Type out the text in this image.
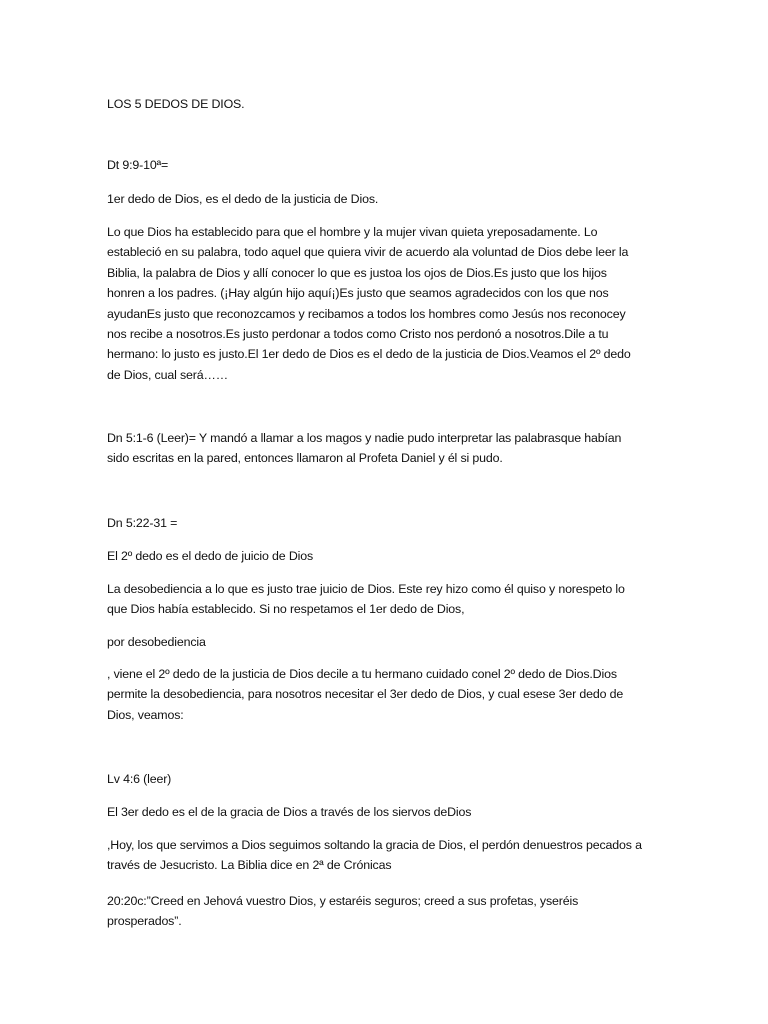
LOS 5 DEDOS DE DIOS.

Dt 9:9-10ª=

1er dedo de Dios, es el dedo de la justicia de Dios.

Lo que Dios ha establecido para que el hombre y la mujer vivan quieta yreposadamente. Lo
estableció en su palabra, todo aquel que quiera vivir de acuerdo ala voluntad de Dios debe leer la
Biblia, la palabra de Dios y allí conocer lo que es justoa los ojos de Dios.Es justo que los hijos
honren a los padres. (¡Hay algún hijo aquí¡)Es justo que seamos agradecidos con los que nos
ayudanEs justo que reconozcamos y recibamos a todos los hombres como Jesús nos reconocey
nos recibe a nosotros.Es justo perdonar a todos como Cristo nos perdonó a nosotros.Dile a tu
hermano: lo justo es justo.El 1er dedo de Dios es el dedo de la justicia de Dios.Veamos el 2º dedo
de Dios, cual será……
Dn 5:1-6 (Leer)= Y mandó a llamar a los magos y nadie pudo interpretar las palabrasque habían
sido escritas en la pared, entonces llamaron al Profeta Daniel y él si pudo.

Dn 5:22-31 =

El 2º dedo es el dedo de juicio de Dios

La desobediencia a lo que es justo trae juicio de Dios. Este rey hizo como él quiso y norespeto lo
que Dios había establecido. Si no respetamos el 1er dedo de Dios,

por desobediencia

, viene el 2º dedo de la justicia de Dios decile a tu hermano cuidado conel 2º dedo de Dios.Dios
permite la desobediencia, para nosotros necesitar el 3er dedo de Dios, y cual esese 3er dedo de
Dios, veamos:

Lv 4:6 (leer)

El 3er dedo es el de la gracia de Dios a través de los siervos deDios

,Hoy, los que servimos a Dios seguimos soltando la gracia de Dios, el perdón denuestros pecados a
través de Jesucristo. La Biblia dice en 2ª de Crónicas
20:20c:”Creed en Jehová vuestro Dios, y estaréis seguros; creed a sus profetas, yseréis
prosperados”.
